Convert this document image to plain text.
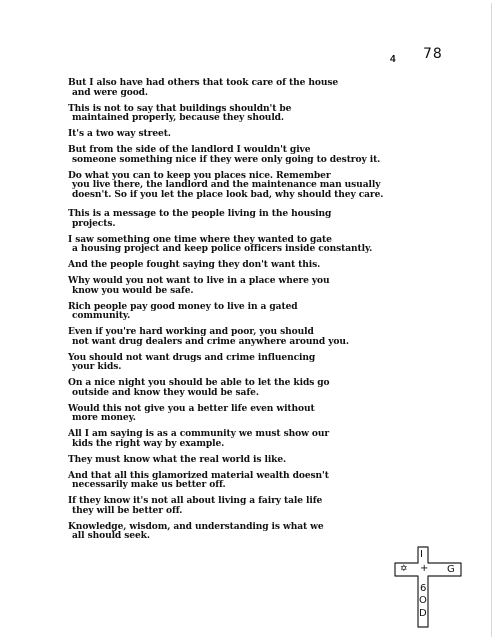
4 78
But I also have had others that took care of the house
and were good.
This is not to say that buildings shouldn't be
maintained properly, because they should.
It's a two way street.
But from the side of the landlord I wouldn't give
someone something nice if they were only going to destroy it.
Do what you can to keep you places nice. Remember
you live there, the landlord and the maintenance man usually doesn't. So if you let the place look bad, why should they care.
This is a message to the people living in the housing
projects.
I saw something one time where they wanted to gate
a housing project and keep police officers inside constantly.
And the people fought saying they don't want this.
Why would you not want to live in a place where you
know you would be safe.
Rich people pay good money to live in a gated
community.
Even if you're hard working and poor, you should
not want drug dealers and crime anywhere around you.
You should not want drugs and crime influencing
your kids.
On a nice night you should be able to let the kids go
outside and know they would be safe.
Would this not give you a better life even without
more money.
All I am saying is as a community we must show our
kids the right way by example.
They must know what the real world is like.
And that all this glamorized material wealth doesn't
necessarily make us better off.
If they know it's not all about living a fairy tale life
they will be better off.
Knowledge, wisdom, and understanding is what we
all should seek.
I
✡ + G
6
O
D
